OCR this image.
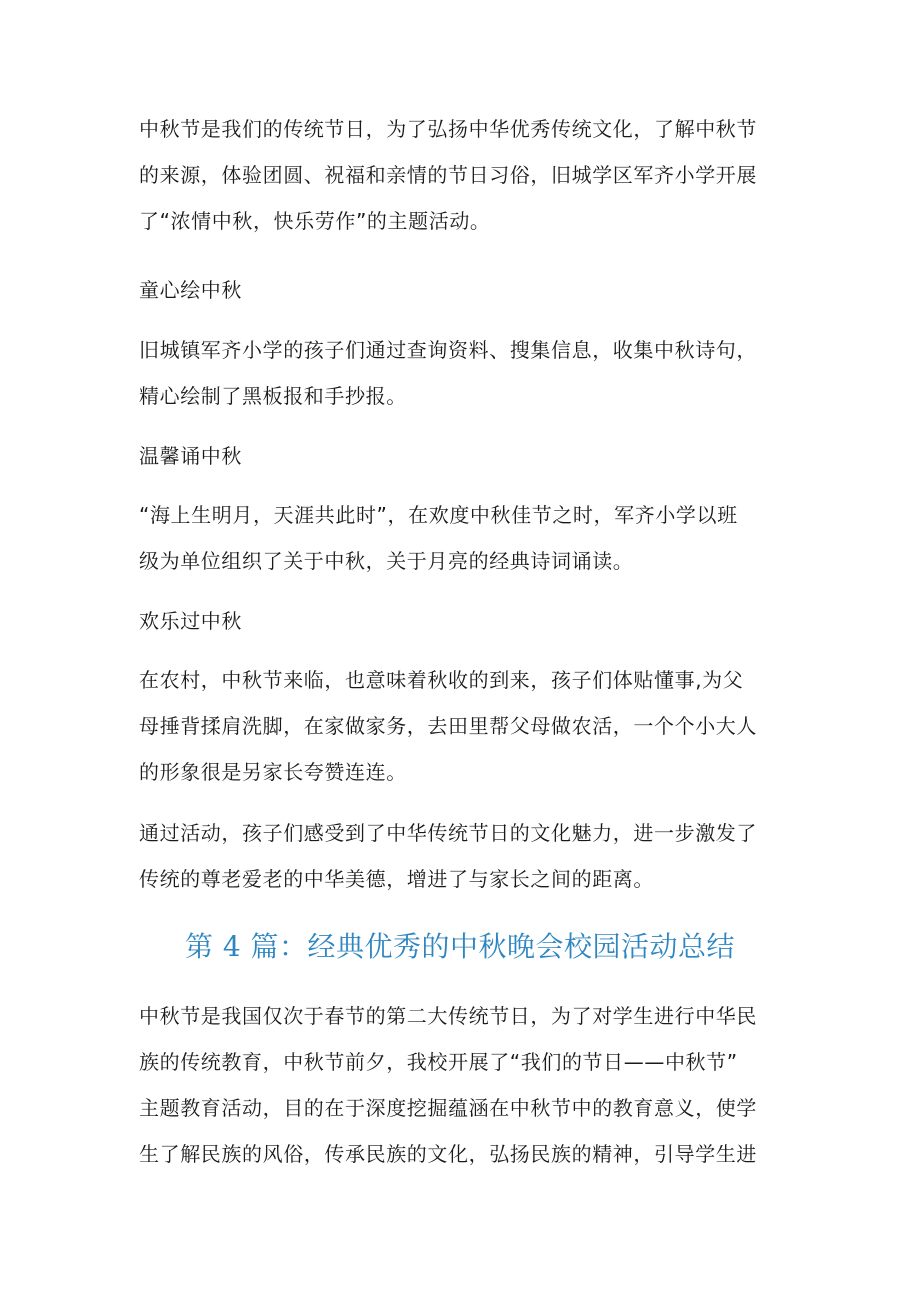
中秋节是我们的传统节日，为了弘扬中华优秀传统文化，了解中秋节
的来源，体验团圆、祝福和亲情的节日习俗，旧城学区军齐小学开展
了“浓情中秋，快乐劳作”的主题活动。

童心绘中秋

旧城镇军齐小学的孩子们通过查询资料、搜集信息，收集中秋诗句，
精心绘制了黑板报和手抄报。

温馨诵中秋

“海上生明月，天涯共此时”，在欢度中秋佳节之时，军齐小学以班
级为单位组织了关于中秋，关于月亮的经典诗词诵读。

欢乐过中秋

在农村，中秋节来临，也意味着秋收的到来，孩子们体贴懂事,为父
母捶背揉肩洗脚，在家做家务，去田里帮父母做农活，一个个小大人
的形象很是另家长夸赞连连。

通过活动，孩子们感受到了中华传统节日的文化魅力，进一步激发了
传统的尊老爱老的中华美德，增进了与家长之间的距离。

第 4 篇：经典优秀的中秋晚会校园活动总结

中秋节是我国仅次于春节的第二大传统节日，为了对学生进行中华民
族的传统教育，中秋节前夕，我校开展了“我们的节日——中秋节”
主题教育活动，目的在于深度挖掘蕴涵在中秋节中的教育意义，使学
生了解民族的风俗，传承民族的文化，弘扬民族的精神，引导学生进
